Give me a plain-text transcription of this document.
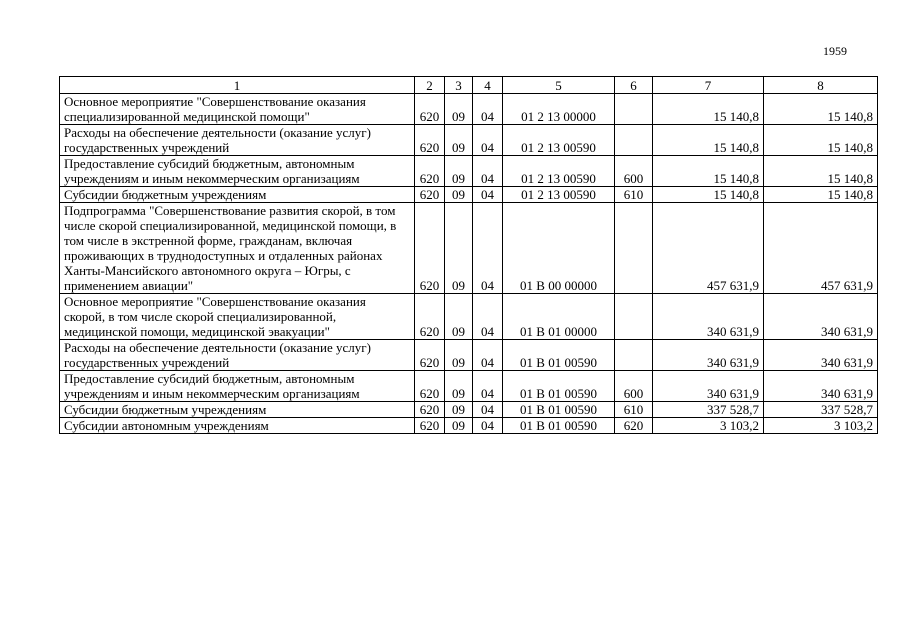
1959
1	2	3	4	5	6	7	8
Основное мероприятие "Совершенствование оказания специализированной медицинской помощи"	620	09	04	01 2 13 00000		15 140,8	15 140,8
Расходы на обеспечение деятельности (оказание услуг) государственных учреждений	620	09	04	01 2 13 00590		15 140,8	15 140,8
Предоставление субсидий бюджетным, автономным учреждениям и иным некоммерческим организациям	620	09	04	01 2 13 00590	600	15 140,8	15 140,8
Субсидии бюджетным учреждениям	620	09	04	01 2 13 00590	610	15 140,8	15 140,8
Подпрограмма "Совершенствование развития скорой, в том числе скорой специализированной, медицинской помощи, в том числе в экстренной форме, гражданам, включая проживающих в труднодоступных и отдаленных районах Ханты-Мансийского автономного округа – Югры, с применением авиации"	620	09	04	01 В 00 00000		457 631,9	457 631,9
Основное мероприятие "Совершенствование оказания скорой, в том числе скорой специализированной, медицинской помощи, медицинской эвакуации"	620	09	04	01 В 01 00000		340 631,9	340 631,9
Расходы на обеспечение деятельности (оказание услуг) государственных учреждений	620	09	04	01 В 01 00590		340 631,9	340 631,9
Предоставление субсидий бюджетным, автономным учреждениям и иным некоммерческим организациям	620	09	04	01 В 01 00590	600	340 631,9	340 631,9
Субсидии бюджетным учреждениям	620	09	04	01 В 01 00590	610	337 528,7	337 528,7
Субсидии автономным учреждениям	620	09	04	01 В 01 00590	620	3 103,2	3 103,2
